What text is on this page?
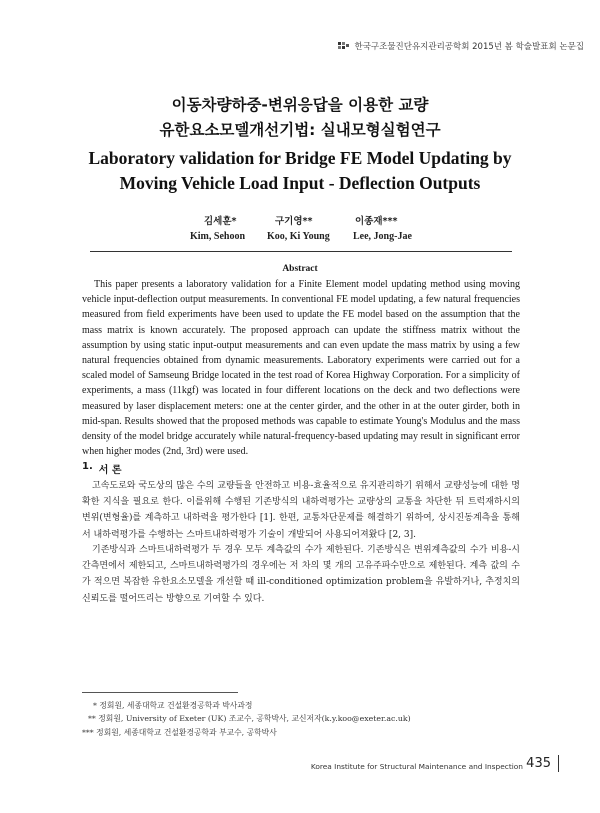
한국구조물진단유지관리공학회 2015년 봄 학술발표회 논문집
이동차량하중-변위응답을 이용한 교량
유한요소모델개선기법: 실내모형실험연구
Laboratory validation for Bridge FE Model Updating by
Moving Vehicle Load Input - Deflection Outputs
김세훈*	구기영**	이종재***
Kim, Sehoon Koo, Ki Young Lee, Jong-Jae
Abstract
This paper presents a laboratory validation for a Finite Element model updating method using moving vehicle input-deflection output measurements. In conventional FE model updating, a few natural frequencies measured from field experiments have been used to update the FE model based on the assumption that the mass matrix is known accurately. The proposed approach can update the stiffness matrix without the assumption by using static input-output measurements and can even update the mass matrix by using a few natural frequencies obtained from dynamic measurements. Laboratory experiments were carried out for a scaled model of Samseung Bridge located in the test road of Korea Highway Corporation. For a simplicity of experiments, a mass (11kgf) was located in four different locations on the deck and two deflections were measured by laser displacement meters: one at the center girder, and the other in at the outer girder, both in mid-span. Results showed that the proposed methods was capable to estimate Young's Modulus and the mass density of the model bridge accurately while natural-frequency-based updating may result in significant error when higher modes (2nd, 3rd) were used.
1. 서 론
고속도로와 국도상의 많은 수의 교량들을 안전하고 비용-효율적으로 유지관리하기 위해서 교량성능에 대한 명확한 지식을 필요로 한다. 이를위해 수행된 기존방식의 내하력평가는 교량상의 교통을 차단한 뒤 트럭재하시의 변위(변형율)를 계측하고 내하력을 평가한다 [1]. 한편, 교통차단문제를 해결하기 위하여, 상시진동계측을 통해서 내하력평가를 수행하는 스마트내하력평가 기술이 개발되어 사용되어져왔다 [2, 3].
기존방식과 스마트내하력평가 두 경우 모두 계측값의 수가 제한된다. 기존방식은 변위계측값의 수가 비용-시간측면에서 제한되고, 스마트내하력평가의 경우에는 저 차의 몇 개의 고유주파수만으로 제한된다. 계측 값의 수가 적으면 복잡한 유한요소모델을 개선할 때 ill-conditioned optimization problem을 유발하거나, 추정치의 신뢰도를 떨어뜨리는 방향으로 기여할 수 있다.
* 정회원, 세종대학교 건설환경공학과 박사과정
** 정회원, University of Exeter (UK) 조교수, 공학박사, 교신저자(k.y.koo@exeter.ac.uk)
*** 정회원, 세종대학교 건설환경공학과 부교수, 공학박사
Korea Institute for Structural Maintenance and Inspection 435
